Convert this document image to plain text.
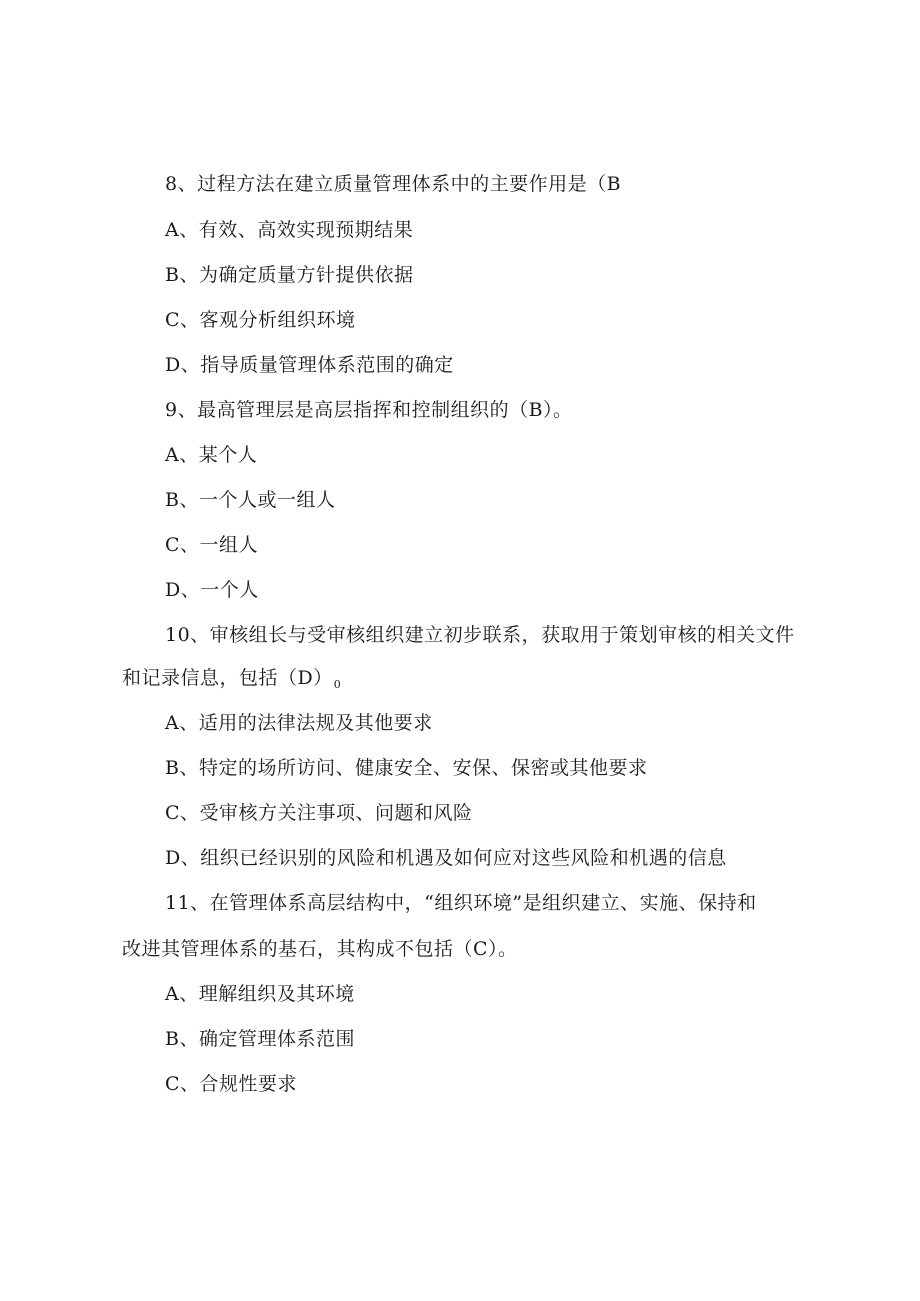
8、过程方法在建立质量管理体系中的主要作用是（B
A、有效、高效实现预期结果
B、为确定质量方针提供依据
C、客观分析组织环境
D、指导质量管理体系范围的确定
9、最高管理层是高层指挥和控制组织的（B）。
A、某个人
B、一个人或一组人
C、一组人
D、一个人
10、审核组长与受审核组织建立初步联系，获取用于策划审核的相关文件
和记录信息，包括$(D)_0$
A、适用的法律法规及其他要求
B、特定的场所访问、健康安全、安保、保密或其他要求
C、受审核方关注事项、问题和风险
D、组织已经识别的风险和机遇及如何应对这些风险和机遇的信息
11、在管理体系高层结构中，“组织环境”是组织建立、实施、保持和
改进其管理体系的基石，其构成不包括（C）。
A、理解组织及其环境
B、确定管理体系范围
C、合规性要求
